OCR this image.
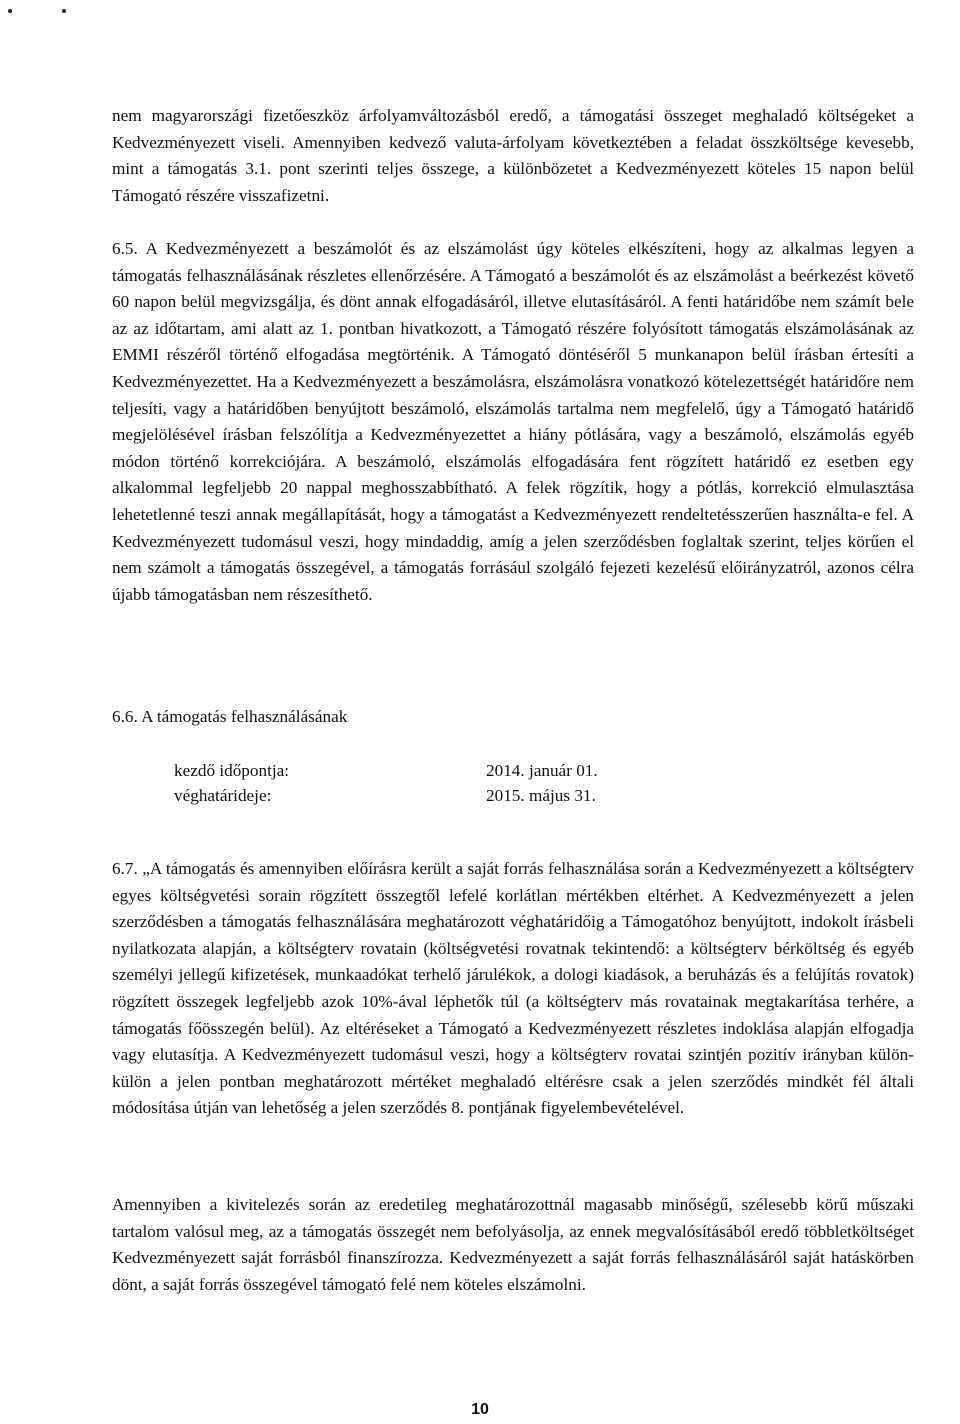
nem magyarországi fizetőeszköz árfolyamváltozásból eredő, a támogatási összeget meghaladó költségeket a Kedvezményezett viseli. Amennyiben kedvező valuta-árfolyam következtében a feladat összköltsége kevesebb, mint a támogatás 3.1. pont szerinti teljes összege, a különbözetet a Kedvezményezett köteles 15 napon belül Támogató részére visszafizetni.

6.5. A Kedvezményezett a beszámolót és az elszámolást úgy köteles elkészíteni, hogy az alkalmas legyen a támogatás felhasználásának részletes ellenőrzésére. A Támogató a beszámolót és az elszámolást a beérkezést követő 60 napon belül megvizsgálja, és dönt annak elfogadásáról, illetve elutasításáról. A fenti határidőbe nem számít bele az az időtartam, ami alatt az 1. pontban hivatkozott, a Támogató részére folyósított támogatás elszámolásának az EMMI részéről történő elfogadása megtörténik. A Támogató döntéséről 5 munkanapon belül írásban értesíti a Kedvezményezettet. Ha a Kedvezményezett a beszámolásra, elszámolásra vonatkozó kötelezettségét határidőre nem teljesíti, vagy a határidőben benyújtott beszámoló, elszámolás tartalma nem megfelelő, úgy a Támogató határidő megjelölésével írásban felszólítja a Kedvezményezettet a hiány pótlására, vagy a beszámoló, elszámolás egyéb módon történő korrekciójára. A beszámoló, elszámolás elfogadására fent rögzített határidő ez esetben egy alkalommal legfeljebb 20 nappal meghosszabbítható. A felek rögzítik, hogy a pótlás, korrekció elmulasztása lehetetlenné teszi annak megállapítását, hogy a támogatást a Kedvezményezett rendeltetésszerűen használta-e fel. A Kedvezményezett tudomásul veszi, hogy mindaddig, amíg a jelen szerződésben foglaltak szerint, teljes körűen el nem számolt a támogatás összegével, a támogatás forrásául szolgáló fejezeti kezelésű előirányzatról, azonos célra újabb támogatásban nem részesíthető.

6.6. A támogatás felhasználásának

kezdő időpontja:	2014. január 01.
véghatárideje:	2015. május 31.

6.7. „A támogatás és amennyiben előírásra került a saját forrás felhasználása során a Kedvezményezett a költségterv egyes költségvetési sorain rögzített összegtől lefelé korlátlan mértékben eltérhet. A Kedvezményezett a jelen szerződésben a támogatás felhasználására meghatározott véghatáridőig a Támogatóhoz benyújtott, indokolt írásbeli nyilatkozata alapján, a költségterv rovatain (költségvetési rovatnak tekintendő: a költségterv bérköltség és egyéb személyi jellegű kifizetések, munkaadókat terhelő járulékok, a dologi kiadások, a beruházás és a felújítás rovatok) rögzített összegek legfeljebb azok 10%-ával léphetők túl (a költségterv más rovatainak megtakarítása terhére, a támogatás főösszegén belül). Az eltéréseket a Támogató a Kedvezményezett részletes indoklása alapján elfogadja vagy elutasítja. A Kedvezményezett tudomásul veszi, hogy a költségterv rovatai szintjén pozitív irányban külön-külön a jelen pontban meghatározott mértéket meghaladó eltérésre csak a jelen szerződés mindkét fél általi módosítása útján van lehetőség a jelen szerződés 8. pontjának figyelembevételével.

Amennyiben a kivitelezés során az eredetileg meghatározottnál magasabb minőségű, szélesebb körű műszaki tartalom valósul meg, az a támogatás összegét nem befolyásolja, az ennek megvalósításából eredő többletköltséget Kedvezményezett saját forrásból finanszírozza. Kedvezményezett a saját forrás felhasználásáról saját hatáskörben dönt, a saját forrás összegével támogató felé nem köteles elszámolni.

10
